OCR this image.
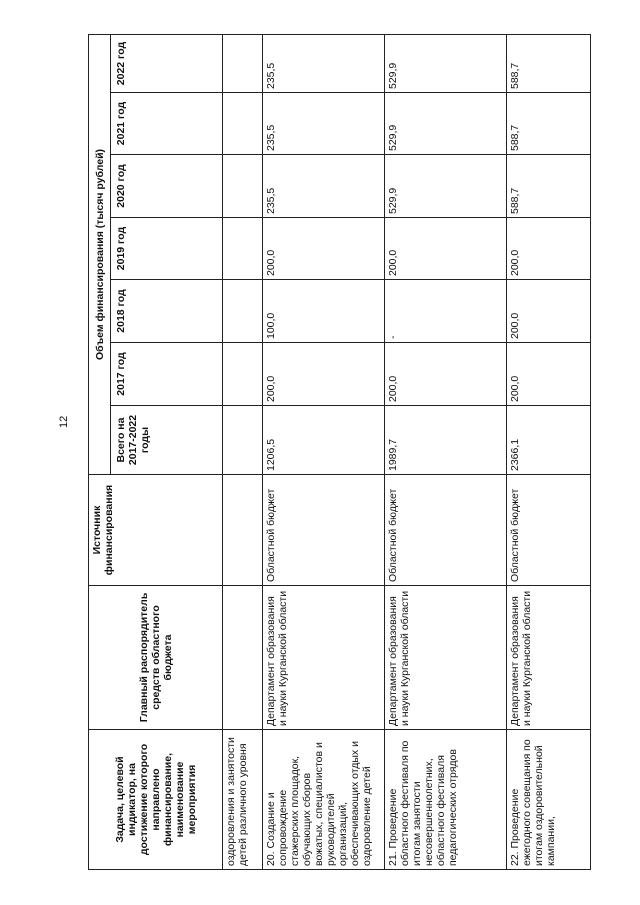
12
Задача, целевой индикатор, на достижение которого направлено финансирование, наименование мероприятия	Главный распорядитель средств областного бюджета	Источник финансирования	Объем финансирования (тысяч рублей)						
			Всего на 2017-2022 годы	2017 год	2018 год	2019 год	2020 год	2021 год	2022 год
оздоровления и занятости детей различного уровня									
20. Создание и сопровождение стажерских площадок, обучающих сборов вожатых, специалистов и руководителей организаций, обеспечивающих отдых и оздоровление детей	Департамент образования и науки Курганской области	Областной бюджет	1206,5	200,0	100,0	200,0	235,5	235,5	235,5
21. Проведение областного фестиваля по итогам занятости несовершеннолетних, областного фестиваля педагогических отрядов	Департамент образования и науки Курганской области	Областной бюджет	1989,7	200,0	-	200,0	529,9	529,9	529,9
22. Проведение ежегодного совещания по итогам оздоровительной кампании,	Департамент образования и науки Курганской области	Областной бюджет	2366,1	200,0	200,0	200,0	588,7	588,7	588,7
